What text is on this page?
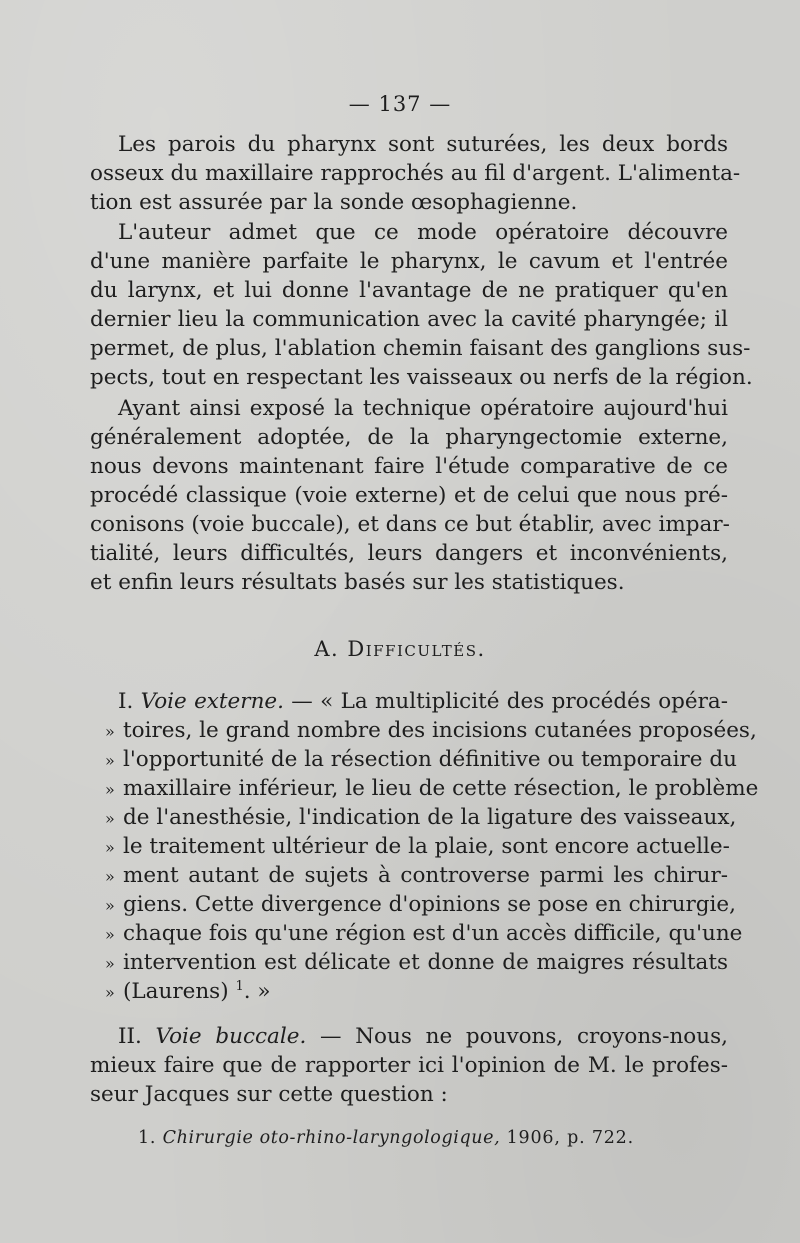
— 137 —
Les parois du pharynx sont suturées, les deux bords
osseux du maxillaire rapprochés au fil d'argent. L'alimenta-
tion est assurée par la sonde œsophagienne.
L'auteur admet que ce mode opératoire découvre
d'une manière parfaite le pharynx, le cavum et l'entrée
du larynx, et lui donne l'avantage de ne pratiquer qu'en
dernier lieu la communication avec la cavité pharyngée; il
permet, de plus, l'ablation chemin faisant des ganglions sus-
pects, tout en respectant les vaisseaux ou nerfs de la région.
Ayant ainsi exposé la technique opératoire aujourd'hui
généralement adoptée, de la pharyngectomie externe,
nous devons maintenant faire l'étude comparative de ce
procédé classique (voie externe) et de celui que nous pré-
conisons (voie buccale), et dans ce but établir, avec impar-
tialité, leurs difficultés, leurs dangers et inconvénients,
et enfin leurs résultats basés sur les statistiques.
A. Difficultés.
I. Voie externe. — « La multiplicité des procédés opéra-
» toires, le grand nombre des incisions cutanées proposées,
» l'opportunité de la résection définitive ou temporaire du
» maxillaire inférieur, le lieu de cette résection, le problème
» de l'anesthésie, l'indication de la ligature des vaisseaux,
» le traitement ultérieur de la plaie, sont encore actuelle-
» ment autant de sujets à controverse parmi les chirur-
» giens. Cette divergence d'opinions se pose en chirurgie,
» chaque fois qu'une région est d'un accès difficile, qu'une
» intervention est délicate et donne de maigres résultats
» (Laurens) $^1$. »
II. Voie buccale. — Nous ne pouvons, croyons-nous,
mieux faire que de rapporter ici l'opinion de M. le profes-
seur Jacques sur cette question :
1. Chirurgie oto-rhino-laryngologique, 1906, p. 722.
